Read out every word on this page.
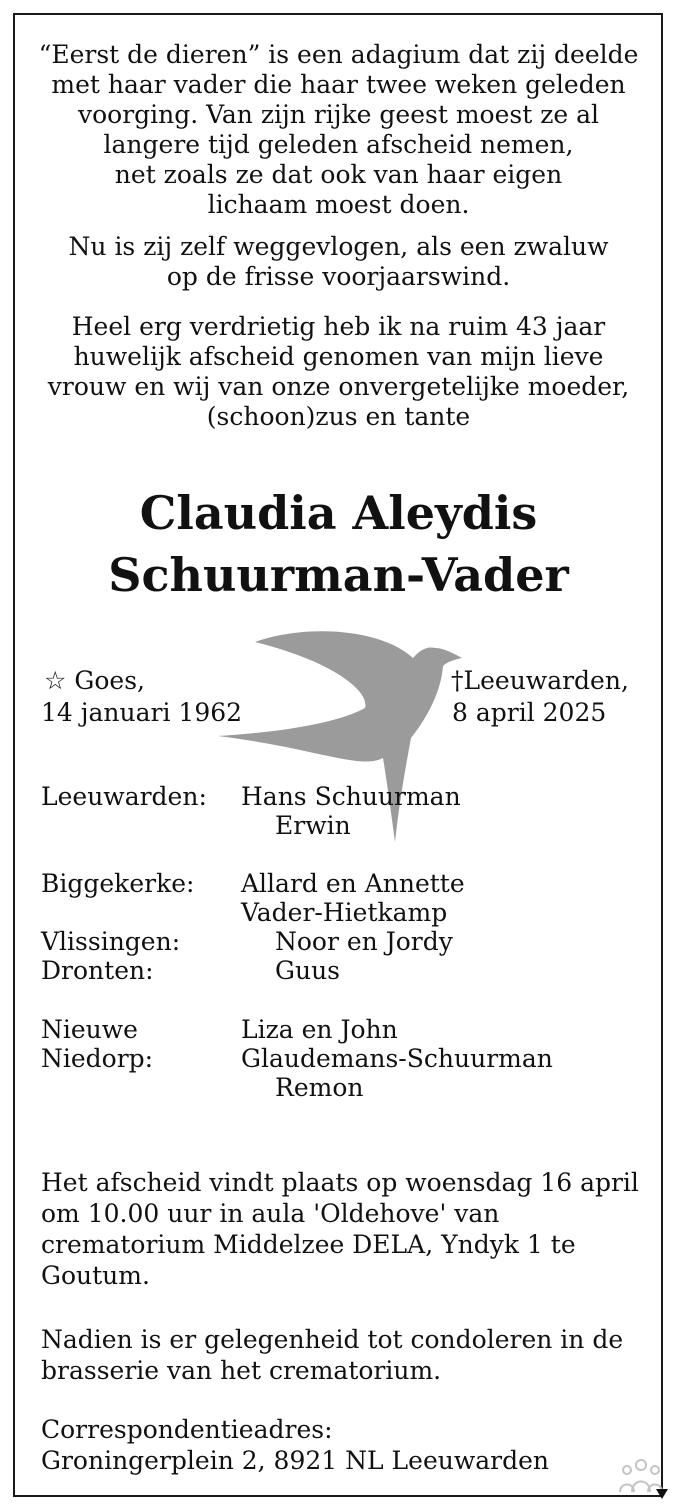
“Eerst de dieren” is een adagium dat zij deelde
met haar vader die haar twee weken geleden
voorging. Van zijn rijke geest moest ze al
langere tijd geleden afscheid nemen,
net zoals ze dat ook van haar eigen
lichaam moest doen.
Nu is zij zelf weggevlogen, als een zwaluw
op de frisse voorjaarswind.
Heel erg verdrietig heb ik na ruim 43 jaar
huwelijk afscheid genomen van mijn lieve
vrouw en wij van onze onvergetelijke moeder,
(schoon)zus en tante
Claudia Aleydis
Schuurman-Vader
☆ Goes,
14 januari 1962
†Leeuwarden,
8 april 2025
Leeuwarden: Hans Schuurman
Erwin
Biggekerke: Allard en Annette
Vader-Hietkamp
Vlissingen:	Noor en Jordy
Dronten:	Guus
Nieuwe	Liza en John
Niedorp:	Glaudemans-Schuurman
Remon
Het afscheid vindt plaats op woensdag 16 april
om 10.00 uur in aula 'Oldehove' van
crematorium Middelzee DELA, Yndyk 1 te
Goutum.
Nadien is er gelegenheid tot condoleren in de
brasserie van het crematorium.
Correspondentieadres:
Groningerplein 2, 8921 NL Leeuwarden
